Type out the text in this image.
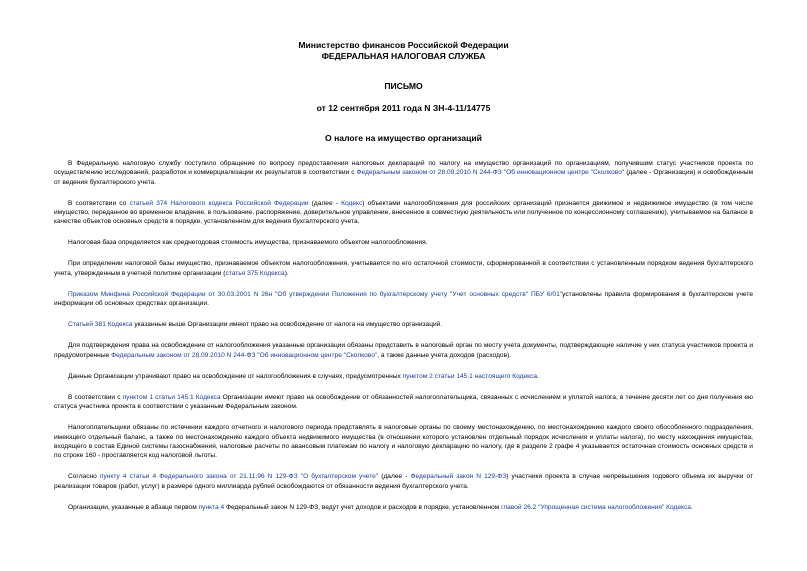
Министерство финансов Российской Федерации
ФЕДЕРАЛЬНАЯ НАЛОГОВАЯ СЛУЖБА
ПИСЬМО
от 12 сентября 2011 года N ЗН-4-11/14775
О налоге на имущество организаций

В Федеральную налоговую службу поступило обращение по вопросу предоставления налоговых деклараций по налогу на имущество организаций по организациям, получившим статус участников проекта по осуществлению исследований, разработок и коммерциализации их результатов в соответствии с Федеральным законом от 28.09.2010 N 244-ФЗ "Об инновационном центре "Сколково" (далее - Организации) и освобожденным от ведения бухгалтерского учета.

В соответствии со статьей 374 Налогового кодекса Российской Федерации (далее - Кодекс) объектами налогообложения для российских организаций признается движимое и недвижимое имущество (в том числе имущество, переданное во временное владение, в пользование, распоряжение, доверительное управление, внесенное в совместную деятельность или полученное по концессионному соглашению), учитываемое на балансе в качестве объектов основных средств в порядке, установленном для ведения бухгалтерского учета.

Налоговая база определяется как среднегодовая стоимость имущества, признаваемого объектом налогообложения.

При определении налоговой базы имущество, признаваемое объектом налогообложения, учитывается по его остаточной стоимости, сформированной в соответствии с установленным порядком ведения бухгалтерского учета, утвержденным в учетной политике организации (статья 375 Кодекса).

Приказом Минфина Российской Федерации от 30.03.2001 N 26н "Об утверждении Положения по бухгалтерскому учету "Учет основных средств" ПБУ 6/01"установлены правила формирования в бухгалтерском учете информации об основных средствах организации.

Статьей 381 Кодекса указанные выше Организации имеют право на освобождение от налога на имущество организаций.

Для подтверждения права на освобождение от налогообложения указанные организации обязаны представить в налоговый орган по месту учета документы, подтверждающие наличие у них статуса участников проекта и предусмотренные Федеральным законом от 28.09.2010 N 244-ФЗ "Об инновационном центре "Сколково", а также данные учета доходов (расходов).

Данные Организации утрачивают право на освобождение от налогообложения в случаях, предусмотренных пунктом 2 статьи 145.1 настоящего Кодекса.

В соответствии с пунктом 1 статьи 145.1 Кодекса Организации имеют право на освобождение от обязанностей налогоплательщика, связанных с исчислением и уплатой налога, в течение десяти лет со дня получения ею статуса участника проекта в соответствии с указанным Федеральным законом.

Налогоплательщики обязаны по истечении каждого отчетного и налогового периода представлять в налоговые органы по своему местонахождению, по местонахождению каждого своего обособленного подразделения, имеющего отдельный баланс, а также по местонахождению каждого объекта недвижимого имущества (в отношении которого установлен отдельный порядок исчисления и уплаты налога), по месту нахождения имущества, входящего в состав Единой системы газоснабжения, налоговые расчеты по авансовым платежам по налогу и налоговую декларацию по налогу, где в разделе 2 графе 4 указывается остаточная стоимость основных средств и по строке 160 - проставляется код налоговой льготы.

Согласно пункту 4 статьи 4 Федерального закона от 21.11.96 N 129-ФЗ "О бухгалтерском учете" (далее - Федеральный закон N 129-ФЗ) участники проекта в случае непревышения годового объема их выручки от реализации товаров (работ, услуг) в размере одного миллиарда рублей освобождаются от обязанности ведения бухгалтерского учета.

Организации, указанные в абзаце первом пункта 4 Федеральный закон N 129-ФЗ, ведут учет доходов и расходов в порядке, установленном главой 26.2 "Упрощенная система налогообложения" Кодекса.
